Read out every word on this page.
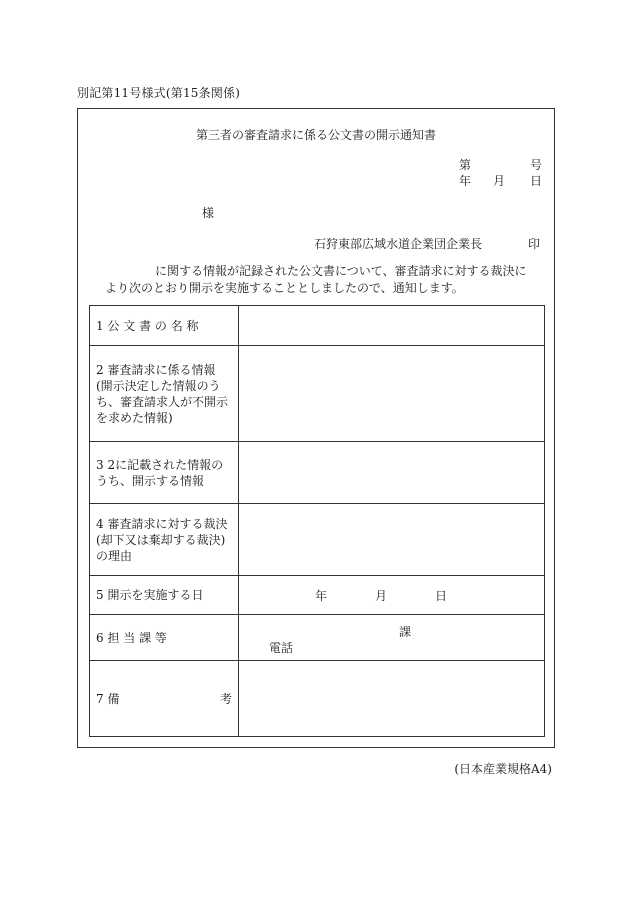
別記第11号様式(第15条関係)
第三者の審査請求に係る公文書の開示通知書
第	号
年 月 日
様
石狩東部広域水道企業団企業長	印
に関する情報が記録された公文書について、審査請求に対する裁決に
より次のとおり開示を実施することとしましたので、通知します。
1 公 文 書 の 名 称	
2 審査請求に係る情報(開示決定した情報のうち、審査請求人が不開示を求めた情報)	
3 2に記載された情報のうち、開示する情報	
4 審査請求に対する裁決(却下又は棄却する裁決)の理由	
5 開示を実施する日	年 月 日

6 担 当 課 等	課
電話

7 備 考	

(日本産業規格A4)
